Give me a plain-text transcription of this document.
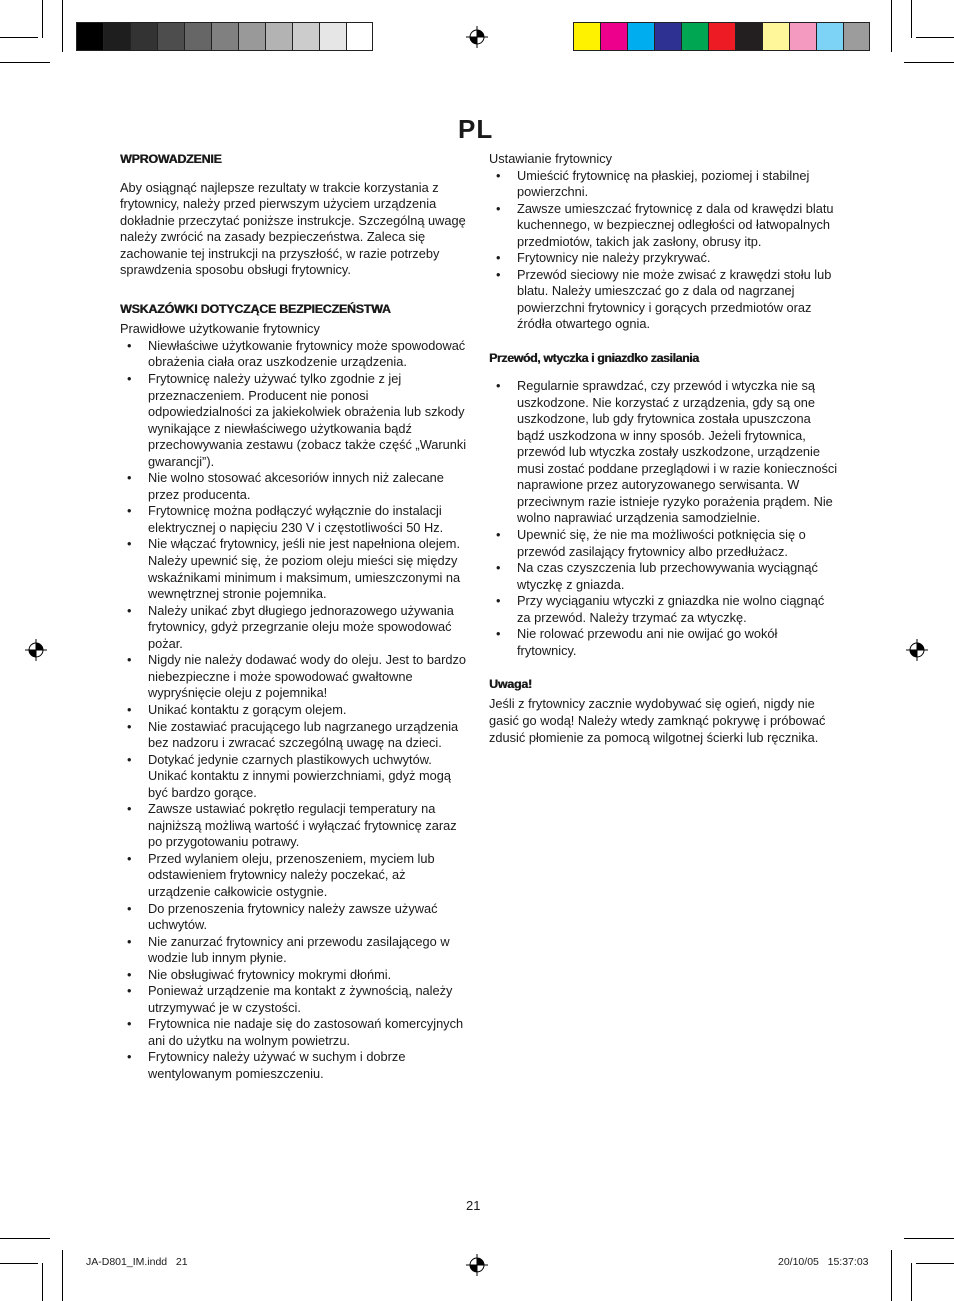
PL
WPROWADZENIE

Aby osiągnąć najlepsze rezultaty w trakcie korzystania z frytownicy, należy przed pierwszym użyciem urządzenia dokładnie przeczytać poniższe instrukcje. Szczególną uwagę należy zwrócić na zasady bezpieczeństwa. Zaleca się zachowanie tej instrukcji na przyszłość, w razie potrzeby sprawdzenia sposobu obsługi frytownicy.

WSKAZÓWKI DOTYCZĄCE BEZPIECZEŃSTWA

Prawidłowe użytkowanie frytownicy

• Niewłaściwe użytkowanie frytownicy może spowodować obrażenia ciała oraz uszkodzenie urządzenia.
• Frytownicę należy używać tylko zgodnie z jej przeznaczeniem. Producent nie ponosi odpowiedzialności za jakiekolwiek obrażenia lub szkody wynikające z niewłaściwego użytkowania bądź przechowywania zestawu (zobacz także część „Warunki gwarancji”).
• Nie wolno stosować akcesoriów innych niż zalecane przez producenta.
• Frytownicę można podłączyć wyłącznie do instalacji elektrycznej o napięciu 230 V i częstotliwości 50 Hz.
• Nie włączać frytownicy, jeśli nie jest napełniona olejem. Należy upewnić się, że poziom oleju mieści się między wskaźnikami minimum i maksimum, umieszczonymi na wewnętrznej stronie pojemnika.
• Należy unikać zbyt długiego jednorazowego używania frytownicy, gdyż przegrzanie oleju może spowodować pożar.
• Nigdy nie należy dodawać wody do oleju. Jest to bardzo niebezpieczne i może spowodować gwałtowne wypryśnięcie oleju z pojemnika!
• Unikać kontaktu z gorącym olejem.
• Nie zostawiać pracującego lub nagrzanego urządzenia bez nadzoru i zwracać szczególną uwagę na dzieci.
• Dotykać jedynie czarnych plastikowych uchwytów. Unikać kontaktu z innymi powierzchniami, gdyż mogą być bardzo gorące.
• Zawsze ustawiać pokrętło regulacji temperatury na najniższą możliwą wartość i wyłączać frytownicę zaraz po przygotowaniu potrawy.
• Przed wylaniem oleju, przenoszeniem, myciem lub odstawieniem frytownicy należy poczekać, aż urządzenie całkowicie ostygnie.
• Do przenoszenia frytownicy należy zawsze używać uchwytów.
• Nie zanurzać frytownicy ani przewodu zasilającego w wodzie lub innym płynie.
• Nie obsługiwać frytownicy mokrymi dłońmi.
• Ponieważ urządzenie ma kontakt z żywnością, należy utrzymywać je w czystości.
• Frytownica nie nadaje się do zastosowań komercyjnych ani do użytku na wolnym powietrzu.
• Frytownicy należy używać w suchym i dobrze wentylowanym pomieszczeniu.

Ustawianie frytownicy

• Umieścić frytownicę na płaskiej, poziomej i stabilnej powierzchni.
• Zawsze umieszczać frytownicę z dala od krawędzi blatu kuchennego, w bezpiecznej odległości od łatwopalnych przedmiotów, takich jak zasłony, obrusy itp.
• Frytownicy nie należy przykrywać.
• Przewód sieciowy nie może zwisać z krawędzi stołu lub blatu. Należy umieszczać go z dala od nagrzanej powierzchni frytownicy i gorących przedmiotów oraz źródła otwartego ognia.
Przewód, wtyczka i gniazdko zasilania
• Regularnie sprawdzać, czy przewód i wtyczka nie są uszkodzone. Nie korzystać z urządzenia, gdy są one uszkodzone, lub gdy frytownica została upuszczona bądź uszkodzona w inny sposób. Jeżeli frytownica, przewód lub wtyczka zostały uszkodzone, urządzenie musi zostać poddane przeglądowi i w razie konieczności naprawione przez autoryzowanego serwisanta. W przeciwnym razie istnieje ryzyko porażenia prądem. Nie wolno naprawiać urządzenia samodzielnie.
• Upewnić się, że nie ma możliwości potknięcia się o przewód zasilający frytownicy albo przedłużacz.
• Na czas czyszczenia lub przechowywania wyciągnąć wtyczkę z gniazda.
• Przy wyciąganiu wtyczki z gniazdka nie wolno ciągnąć za przewód. Należy trzymać za wtyczkę.
• Nie rolować przewodu ani nie owijać go wokół frytownicy.
Uwaga!

Jeśli z frytownicy zacznie wydobywać się ogień, nigdy nie gasić go wodą! Należy wtedy zamknąć pokrywę i próbować zdusić płomienie za pomocą wilgotnej ścierki lub ręcznika.

21
JA-D801_IM.indd   21	20/10/05   15:37:03
